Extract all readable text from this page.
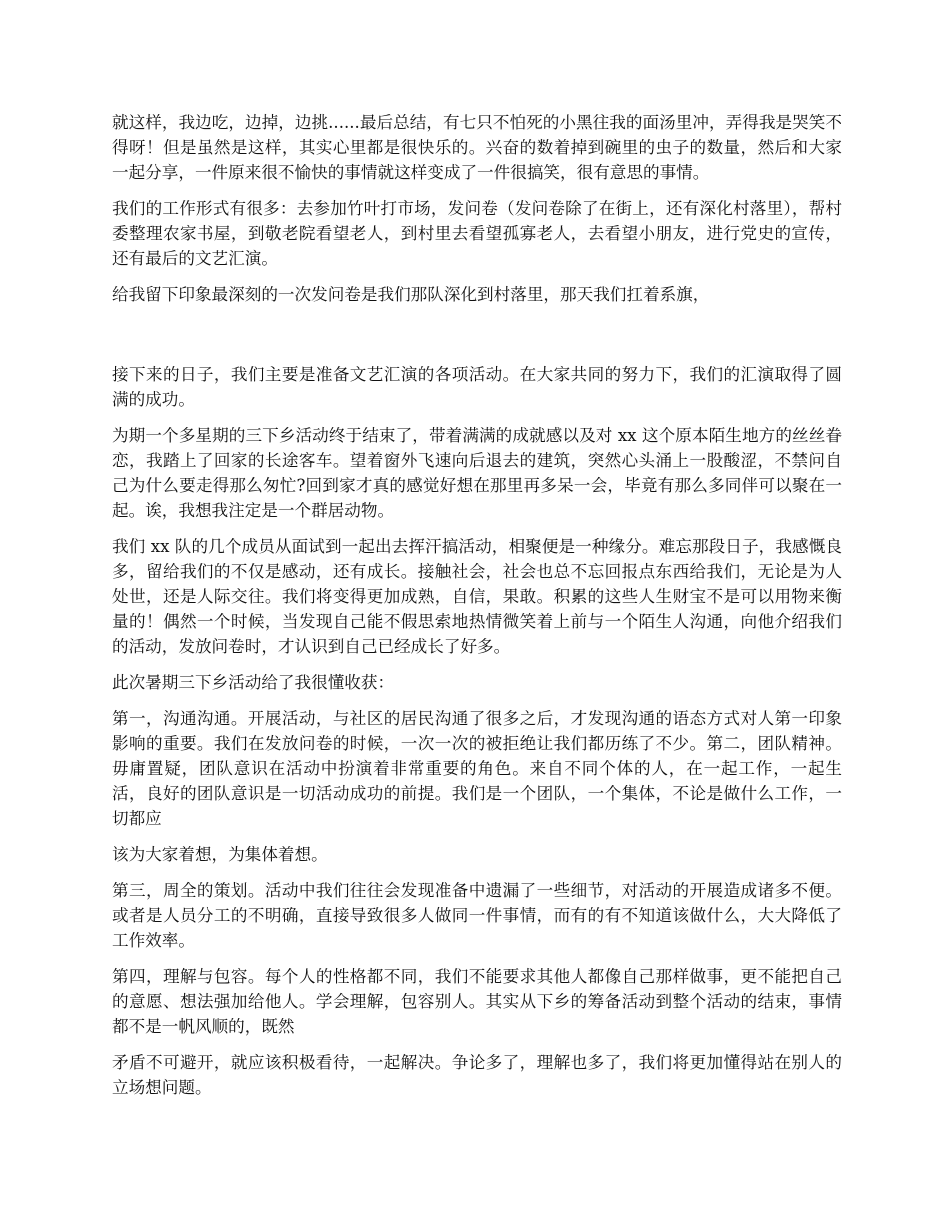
就这样，我边吃，边掉，边挑......最后总结，有七只不怕死的小黑往我的面汤里冲，弄得我是哭笑不得呀！但是虽然是这样，其实心里都是很快乐的。兴奋的数着掉到碗里的虫子的数量，然后和大家一起分享，一件原来很不愉快的事情就这样变成了一件很搞笑，很有意思的事情。

我们的工作形式有很多：去参加竹叶打市场，发问卷（发问卷除了在街上，还有深化村落里），帮村委整理农家书屋，到敬老院看望老人，到村里去看望孤寡老人，去看望小朋友，进行党史的宣传，还有最后的文艺汇演。

给我留下印象最深刻的一次发问卷是我们那队深化到村落里，那天我们扛着系旗，

接下来的日子，我们主要是准备文艺汇演的各项活动。在大家共同的努力下，我们的汇演取得了圆满的成功。

为期一个多星期的三下乡活动终于结束了，带着满满的成就感以及对 xx 这个原本陌生地方的丝丝眷恋，我踏上了回家的长途客车。望着窗外飞速向后退去的建筑，突然心头涌上一股酸涩，不禁问自己为什么要走得那么匆忙?回到家才真的感觉好想在那里再多呆一会，毕竟有那么多同伴可以聚在一起。诶，我想我注定是一个群居动物。

我们 xx 队的几个成员从面试到一起出去挥汗搞活动，相聚便是一种缘分。难忘那段日子，我感慨良多，留给我们的不仅是感动，还有成长。接触社会，社会也总不忘回报点东西给我们，无论是为人处世，还是人际交往。我们将变得更加成熟，自信，果敢。积累的这些人生财宝不是可以用物来衡量的！偶然一个时候，当发现自己能不假思索地热情微笑着上前与一个陌生人沟通，向他介绍我们的活动，发放问卷时，才认识到自己已经成长了好多。

此次暑期三下乡活动给了我很懂收获：

第一，沟通沟通。开展活动，与社区的居民沟通了很多之后，才发现沟通的语态方式对人第一印象影响的重要。我们在发放问卷的时候，一次一次的被拒绝让我们都历练了不少。第二，团队精神。 毋庸置疑，团队意识在活动中扮演着非常重要的角色。来自不同个体的人，在一起工作，一起生活，良好的团队意识是一切活动成功的前提。我们是一个团队，一个集体，不论是做什么工作，一切都应

该为大家着想，为集体着想。

第三，周全的策划。活动中我们往往会发现准备中遗漏了一些细节，对活动的开展造成诸多不便。或者是人员分工的不明确，直接导致很多人做同一件事情，而有的有不知道该做什么，大大降低了工作效率。

第四，理解与包容。每个人的性格都不同，我们不能要求其他人都像自己那样做事，更不能把自己的意愿、想法强加给他人。学会理解，包容别人。其实从下乡的筹备活动到整个活动的结束，事情都不是一帆风顺的，既然

矛盾不可避开，就应该积极看待，一起解决。争论多了，理解也多了，我们将更加懂得站在别人的立场想问题。
